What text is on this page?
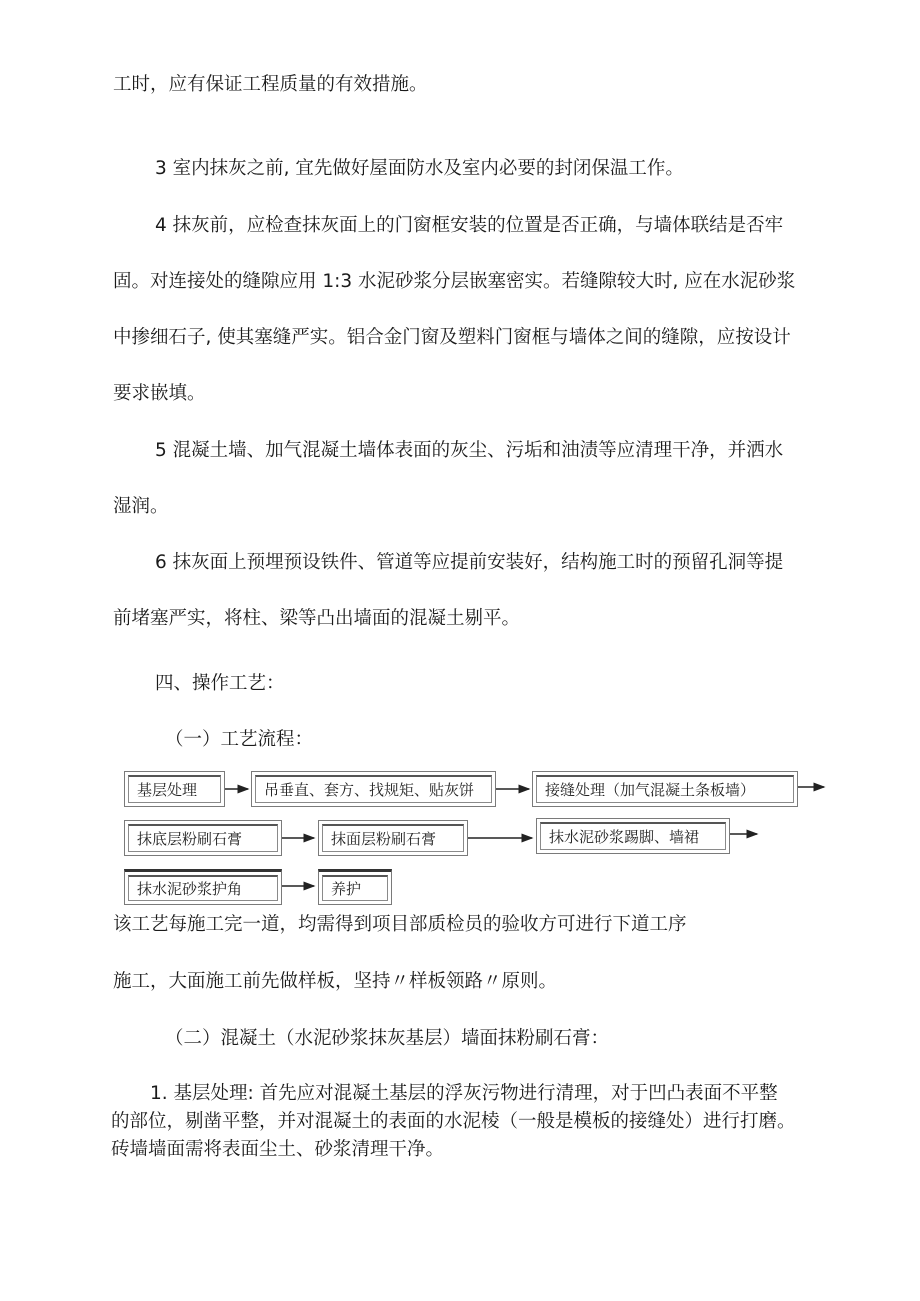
工时，应有保证工程质量的有效措施。

3 室内抹灰之前, 宜先做好屋面防水及室内必要的封闭保温工作。

4 抹灰前，应检查抹灰面上的门窗框安装的位置是否正确，与墙体联结是否牢

固。对连接处的缝隙应用 1:3 水泥砂浆分层嵌塞密实。若缝隙较大时, 应在水泥砂浆

中掺细石子, 使其塞缝严实。铝合金门窗及塑料门窗框与墙体之间的缝隙，应按设计

要求嵌填。

5 混凝土墙、加气混凝土墙体表面的灰尘、污垢和油渍等应清理干净，并洒水

湿润。

6 抹灰面上预埋预设铁件、管道等应提前安装好，结构施工时的预留孔洞等提

前堵塞严实，将柱、梁等凸出墙面的混凝土剔平。

四、操作工艺：

（一）工艺流程：

基层处理	吊垂直、套方、找规矩、贴灰饼	接缝处理（加气混凝土条板墙）
抹底层粉刷石膏	抹面层粉刷石膏	抹水泥砂浆踢脚、墙裙
抹水泥砂浆护角	养护

该工艺每施工完一道，均需得到项目部质检员的验收方可进行下道工序

施工，大面施工前先做样板，坚持〃样板领路〃原则。

（二）混凝土（水泥砂浆抹灰基层）墙面抹粉刷石膏：

1. 基层处理: 首先应对混凝土基层的浮灰污物进行清理，对于凹凸表面不平整

的部位，剔凿平整，并对混凝土的表面的水泥棱（一般是模板的接缝处）进行打磨。

砖墙墙面需将表面尘土、砂浆清理干净。
